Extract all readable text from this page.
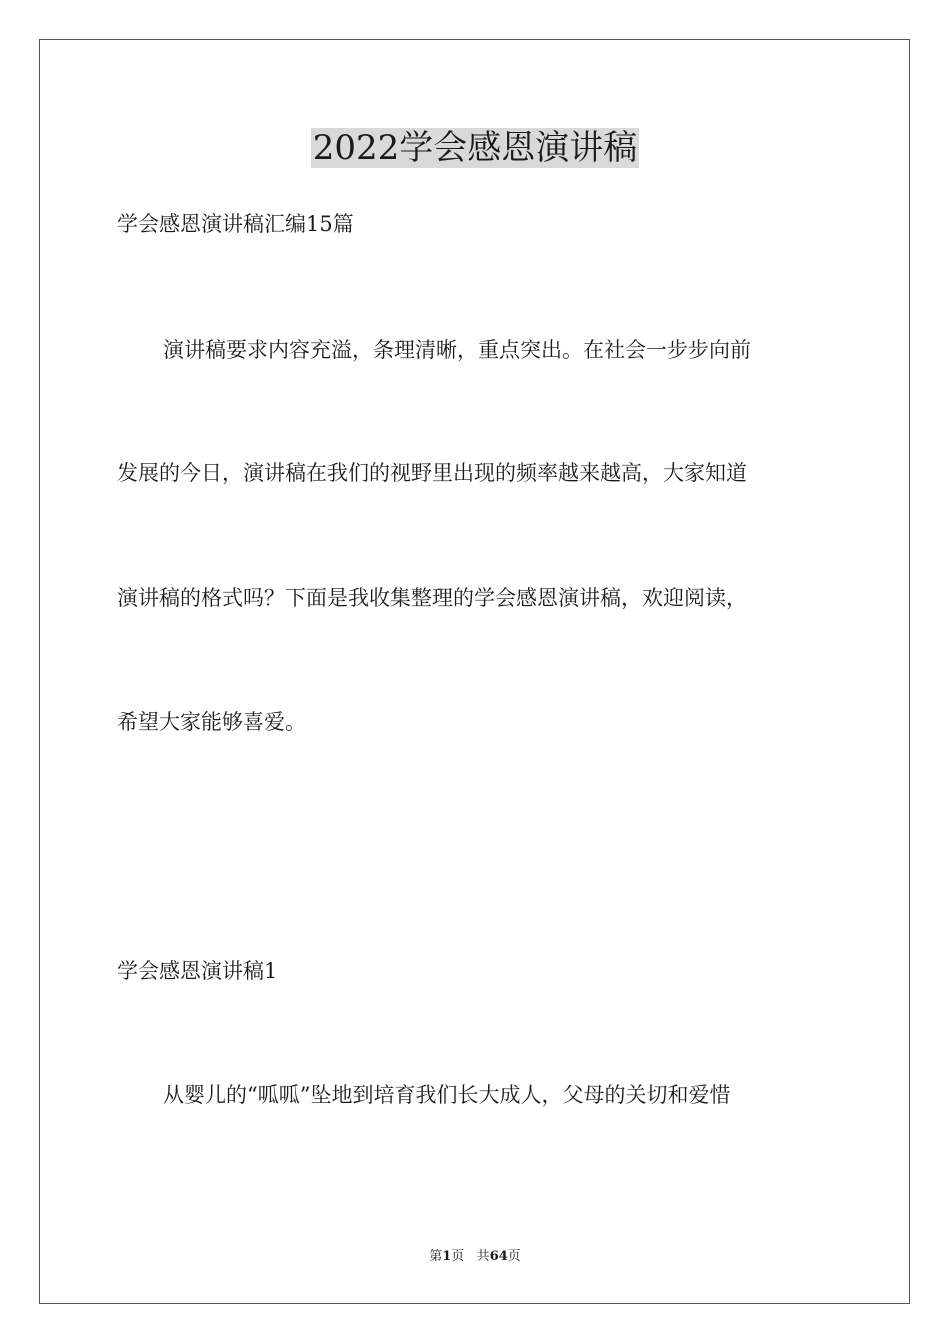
2022学会感恩演讲稿
学会感恩演讲稿汇编15篇
演讲稿要求内容充溢，条理清晰，重点突出。在社会一步步向前
发展的今日，演讲稿在我们的视野里出现的频率越来越高，大家知道
演讲稿的格式吗？下面是我收集整理的学会感恩演讲稿，欢迎阅读，
希望大家能够喜爱。
学会感恩演讲稿1
从婴儿的“呱呱”坠地到培育我们长大成人，父母的关切和爱惜
第1页 共64页
